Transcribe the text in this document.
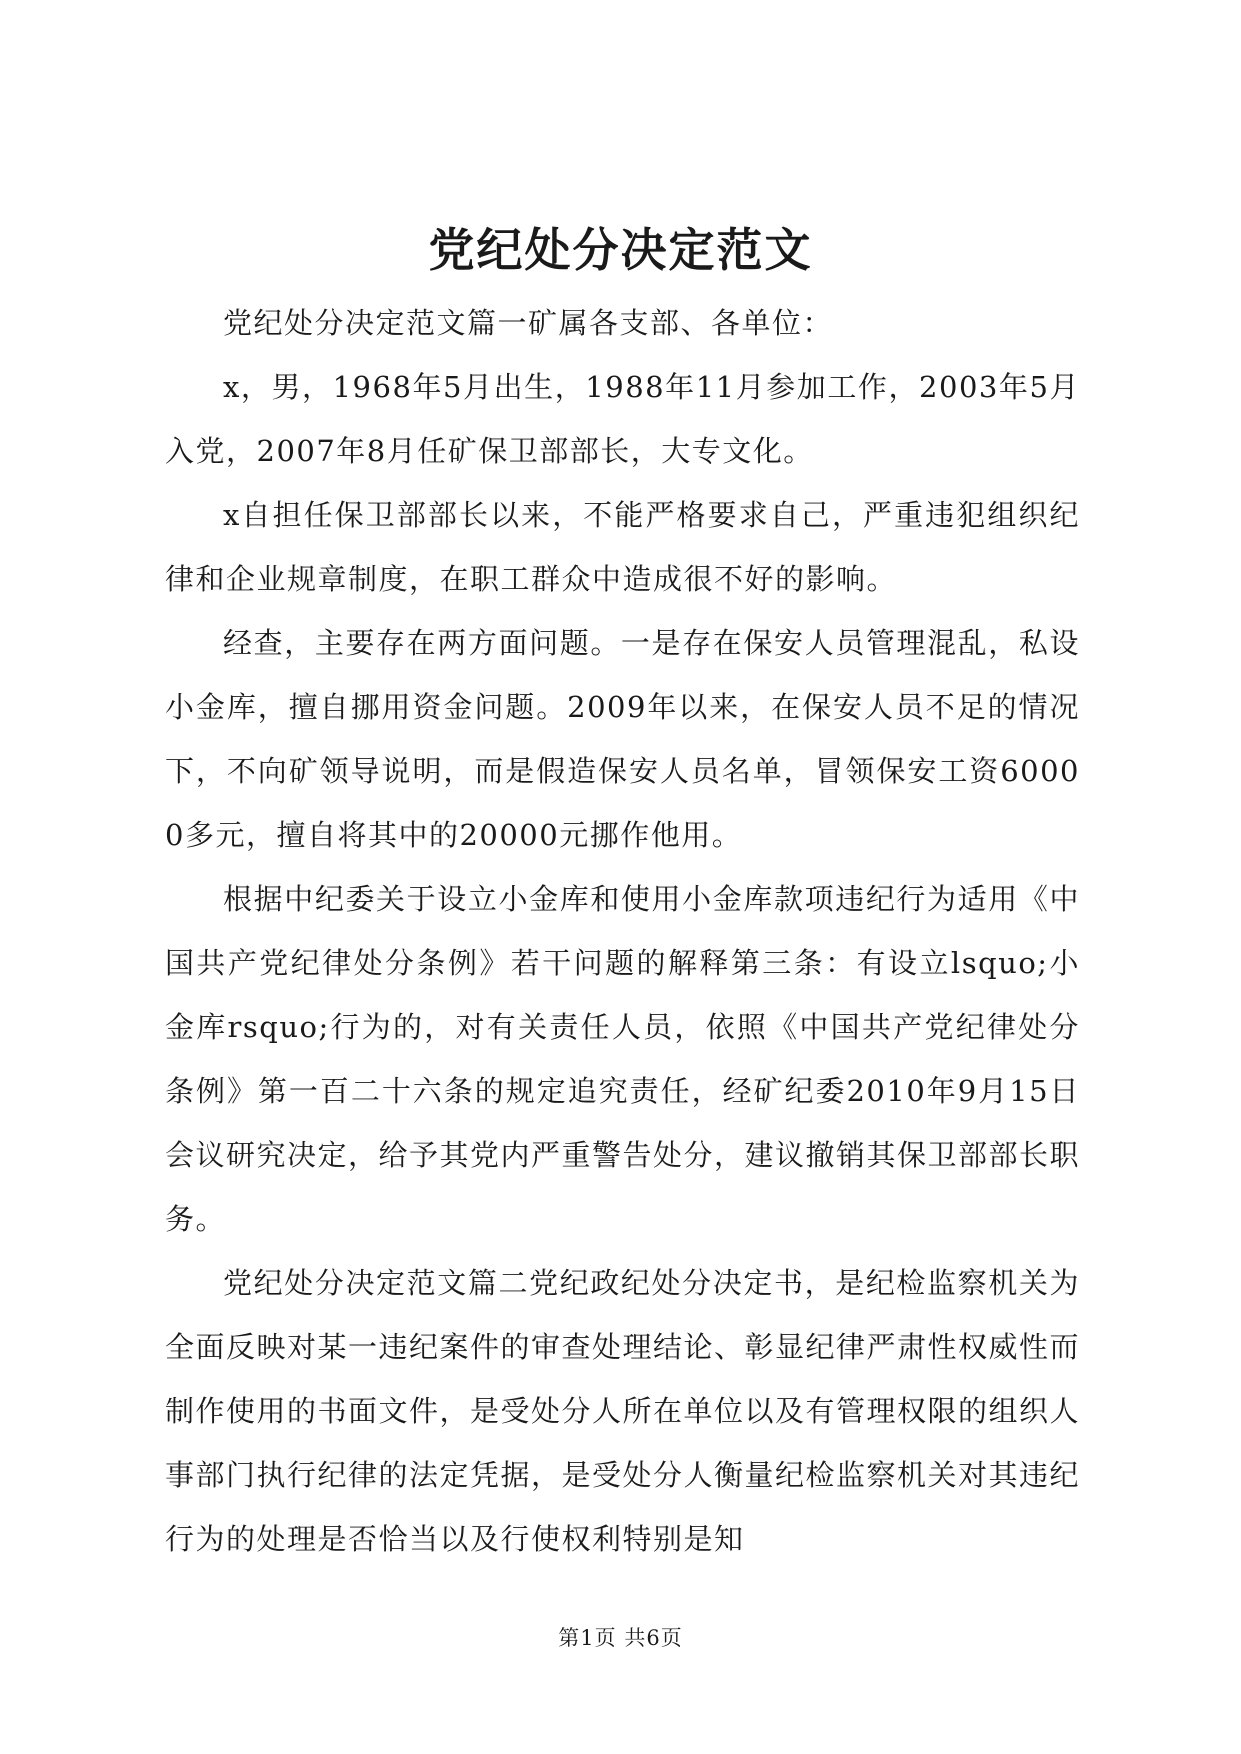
党纪处分决定范文

党纪处分决定范文篇一矿属各支部、各单位：

x，男，1968年5月出生，1988年11月参加工作，2003年5月入党，2007年8月任矿保卫部部长，大专文化。

x自担任保卫部部长以来，不能严格要求自己，严重违犯组织纪律和企业规章制度，在职工群众中造成很不好的影响。

经查，主要存在两方面问题。一是存在保安人员管理混乱，私设小金库，擅自挪用资金问题。2009年以来，在保安人员不足的情况下，不向矿领导说明，而是假造保安人员名单，冒领保安工资60000多元，擅自将其中的20000元挪作他用。

根据中纪委关于设立小金库和使用小金库款项违纪行为适用《中国共产党纪律处分条例》若干问题的解释第三条：有设立lsquo;小金库rsquo;行为的，对有关责任人员，依照《中国共产党纪律处分条例》第一百二十六条的规定追究责任，经矿纪委2010年9月15日会议研究决定，给予其党内严重警告处分，建议撤销其保卫部部长职务。

党纪处分决定范文篇二党纪政纪处分决定书，是纪检监察机关为全面反映对某一违纪案件的审查处理结论、彰显纪律严肃性权威性而制作使用的书面文件，是受处分人所在单位以及有管理权限的组织人事部门执行纪律的法定凭据，是受处分人衡量纪检监察机关对其违纪行为的处理是否恰当以及行使权利特别是知

第1页 共6页
